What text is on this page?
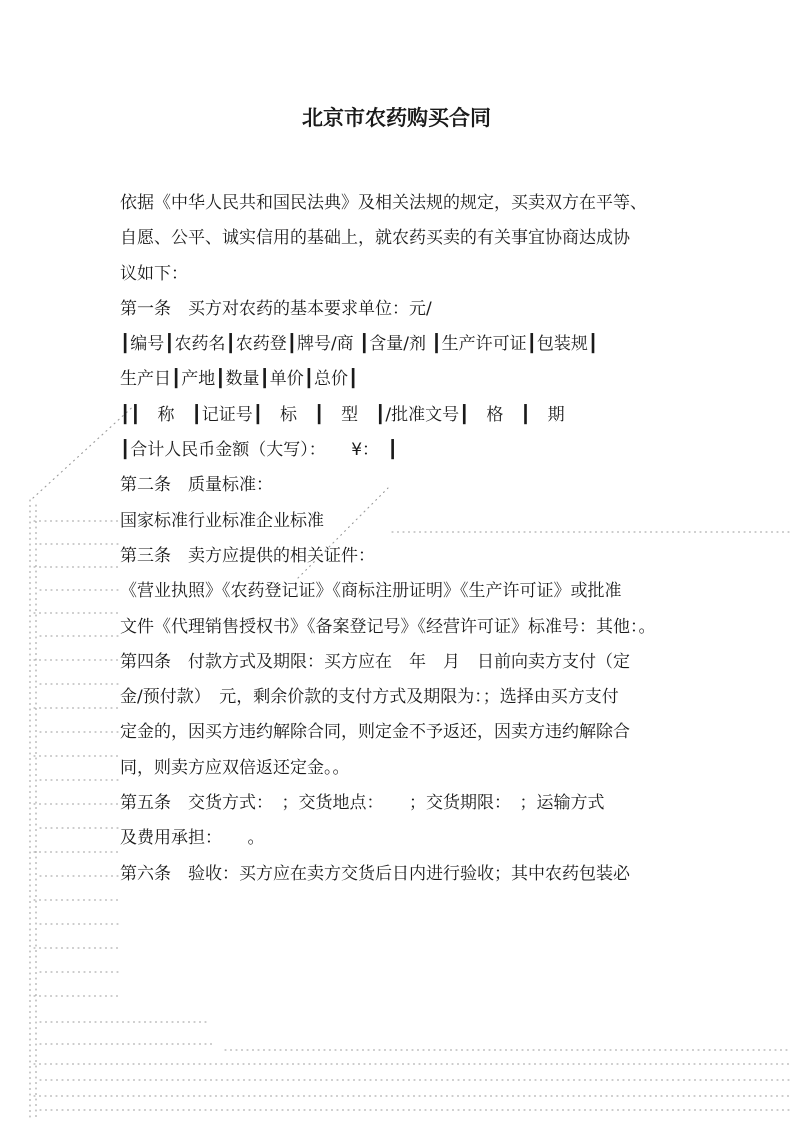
北京市农药购买合同
依据《中华人民共和国民法典》及相关法规的规定，买卖双方在平等、
自愿、公平、诚实信用的基础上，就农药买卖的有关事宜协商达成协
议如下：
第一条　买方对农药的基本要求单位：元/
┃编号┃农药名┃农药登┃牌号/商 ┃含量/剂 ┃生产许可证┃包装规┃
生产日┃产地┃数量┃单价┃总价┃
┃┃　称　┃记证号┃　标　┃　型　┃/批准文号┃　格　┃　期
┃合计人民币金额（大写）：　　¥：　┃
第二条　质量标准：
国家标准行业标准企业标准
第三条　卖方应提供的相关证件：
《营业执照》《农药登记证》《商标注册证明》《生产许可证》或批准
文件《代理销售授权书》《备案登记号》《经营许可证》标准号：其他：。
第四条　付款方式及期限：买方应在　年　月　日前向卖方支付（定
金/预付款）　元，剩余价款的支付方式及期限为：；选择由买方支付
定金的，因买方违约解除合同，则定金不予返还，因卖方违约解除合
同，则卖方应双倍返还定金。。
第五条　交货方式：　；交货地点：　　；交货期限：　；运输方式
及费用承担：　　。
第六条　验收：买方应在卖方交货后日内进行验收；其中农药包装必
